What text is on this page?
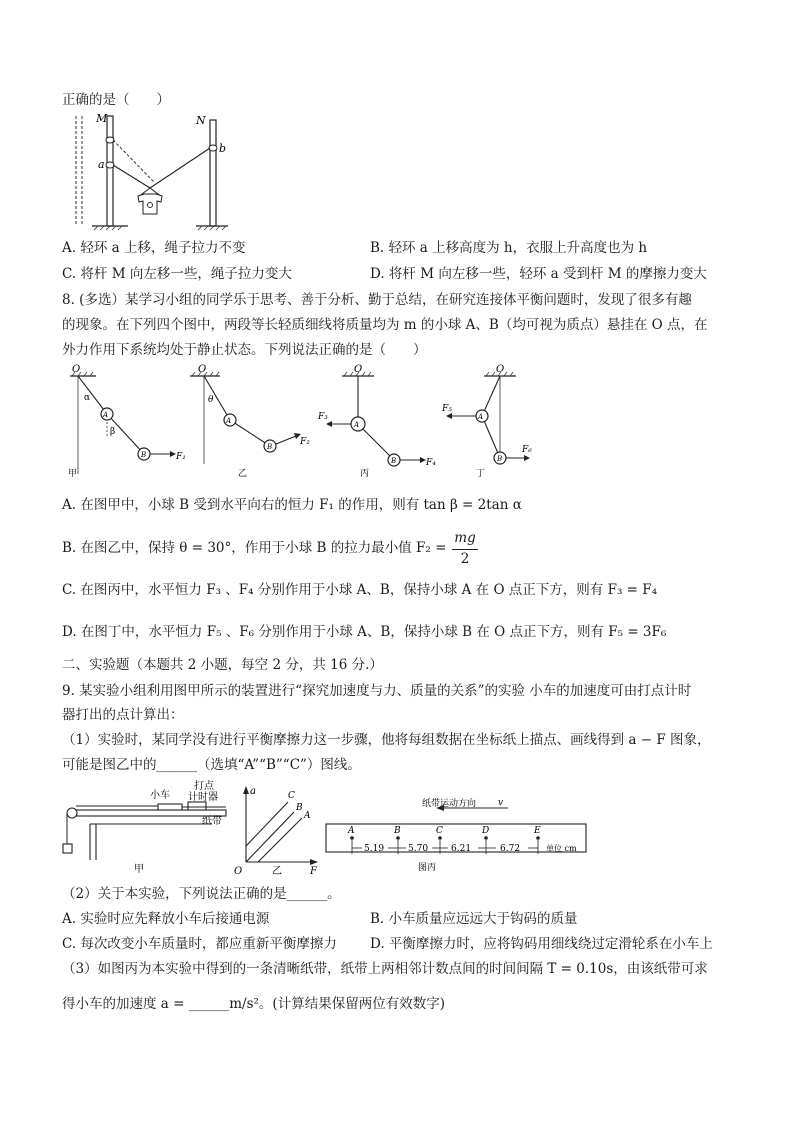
正确的是（　　）
M	N
a
b
A. 轻环 a 上移，绳子拉力不变	B. 轻环 a 上移高度为 h，衣服上升高度也为 h
C. 将杆 M 向左移一些，绳子拉力变大	D. 将杆 M 向左移一些，轻环 a 受到杆 M 的摩擦力变大
8. (多选）某学习小组的同学乐于思考、善于分析、勤于总结，在研究连接体平衡问题时，发现了很多有趣
的现象。在下列四个图中，两段等长轻质细线将质量均为 m 的小球 A、B（均可视为质点）悬挂在 O 点，在
外力作用下系统均处于静止状态。下列说法正确的是（　　）
O
α
β
A
B	F₁
甲
O
θ
A
B	F₂
乙
O
A
B
F₃
F₄
丙
O
A
B
F₅
F₆
丁
A. 在图甲中，小球 B 受到水平向右的恒力 F₁ 的作用，则有 tan β = 2tan α
B. 在图乙中，保持 θ = 30°，作用于小球 B 的拉力最小值 F₂ =
mg
2
C. 在图丙中，水平恒力 F₃ 、F₄ 分别作用于小球 A、B，保持小球 A 在 O 点正下方，则有 F₃ = F₄
D. 在图丁中，水平恒力 F₅ 、F₆ 分别作用于小球 A、B，保持小球 B 在 O 点正下方，则有 F₅ = 3F₆
二、实验题（本题共 2 小题，每空 2 分，共 16 分.）
9. 某实验小组利用图甲所示的装置进行“探究加速度与力、质量的关系”的实验 小车的加速度可由打点计时
器打出的点计算出：
（1）实验时，某同学没有进行平衡摩擦力这一步骤，他将每组数据在坐标纸上描点、画线得到 a − F 图象，
可能是图乙中的______（选填“A”“B”“C”）图线。
小车
打点
计时器
纸带
甲
a
F
O
C
B
A
乙
纸带运动方向 v
A	B	C	D	E
5.19	5.70	6.21	6.72	单位 cm
图丙
（2）关于本实验，下列说法正确的是______。
A. 实验时应先释放小车后接通电源	B. 小车质量应远远大于钩码的质量
C. 每次改变小车质量时，都应重新平衡摩擦力 D. 平衡摩擦力时，应将钩码用细线绕过定滑轮系在小车上
（3）如图丙为本实验中得到的一条清晰纸带，纸带上两相邻计数点间的时间间隔 T = 0.10s，由该纸带可求
得小车的加速度 a = ______m/s²。(计算结果保留两位有效数字)
